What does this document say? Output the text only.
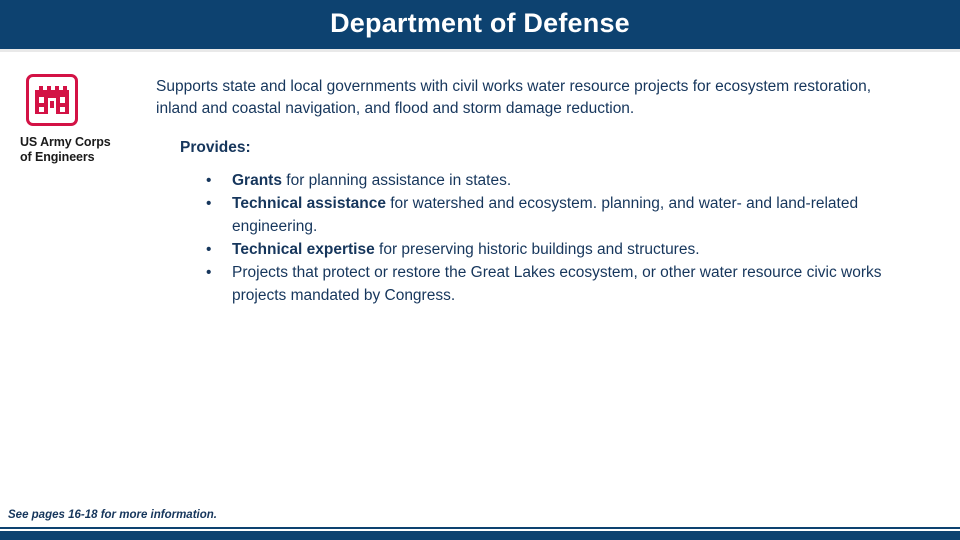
Department of Defense
US Army Corps
of Engineers
Supports state and local governments with civil works water resource projects for ecosystem restoration, inland and coastal navigation, and flood and storm damage reduction.
Provides:
• Grants for planning assistance in states.
• Technical assistance for watershed and ecosystem. planning, and water- and land-related engineering.
• Technical expertise for preserving historic buildings and structures.
• Projects that protect or restore the Great Lakes ecosystem, or other water resource civic works projects mandated by Congress.
See pages 16-18 for more information.
